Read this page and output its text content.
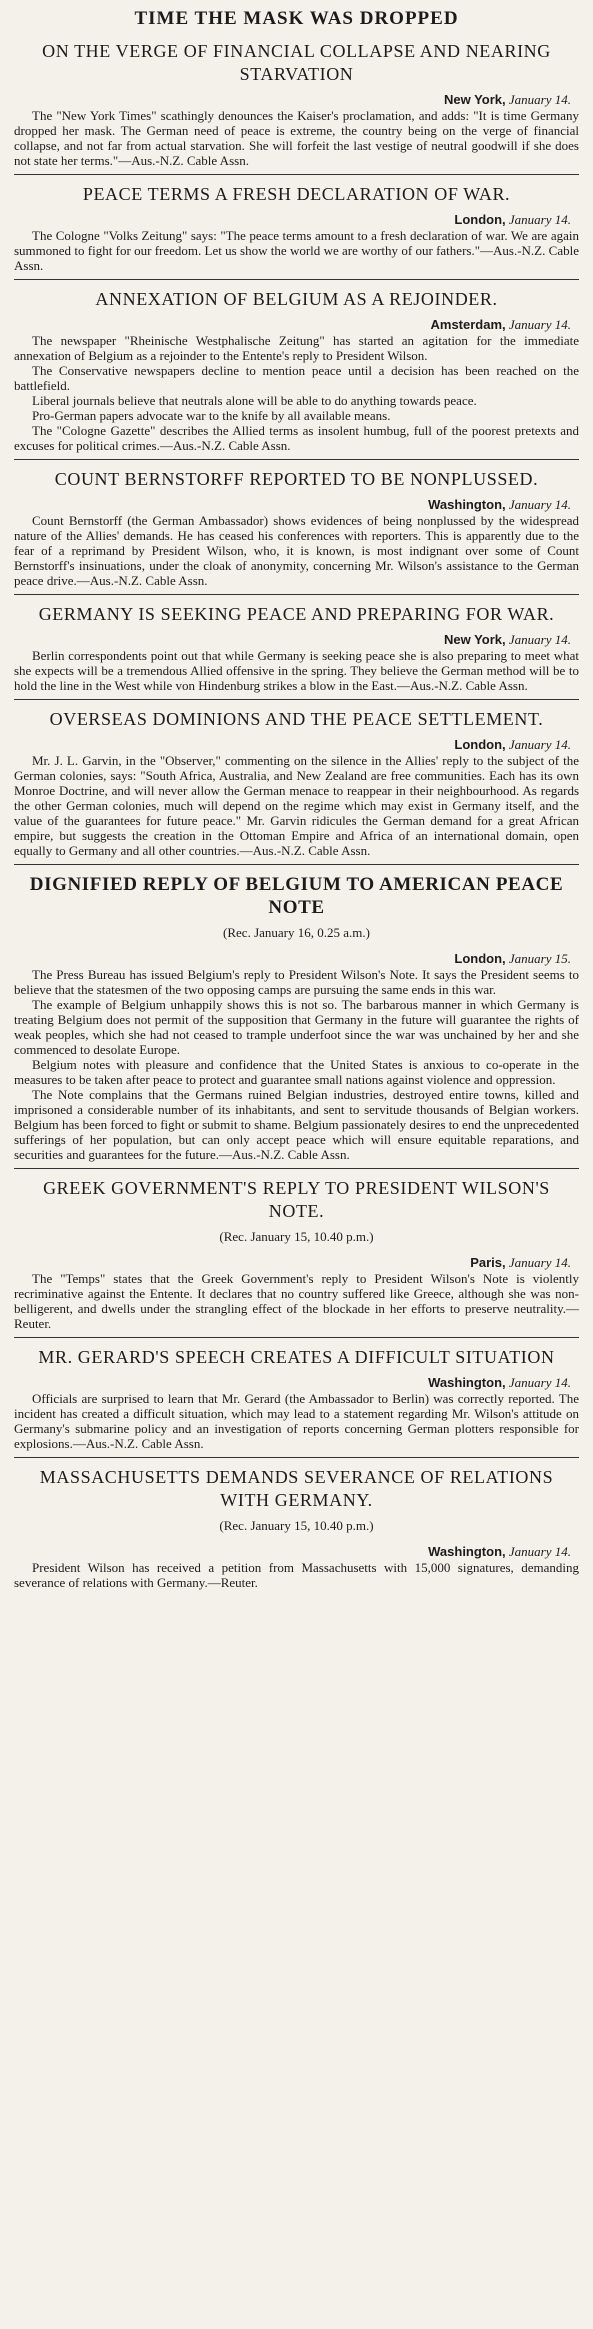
TIME THE MASK WAS DROPPED
ON THE VERGE OF FINANCIAL COLLAPSE AND NEARING STARVATION
New York, January 14.

The "New York Times" scathingly denounces the Kaiser's proclamation, and adds: "It is time Germany dropped her mask. The German need of peace is extreme, the country being on the verge of financial collapse, and not far from actual starvation. She will forfeit the last vestige of neutral goodwill if she does not state her terms."—Aus.-N.Z. Cable Assn.

PEACE TERMS A FRESH DECLARATION OF WAR.
London, January 14.

The Cologne "Volks Zeitung" says: "The peace terms amount to a fresh declaration of war. We are again summoned to fight for our freedom. Let us show the world we are worthy of our fathers."—Aus.-N.Z. Cable Assn.

ANNEXATION OF BELGIUM AS A REJOINDER.
Amsterdam, January 14.

The newspaper "Rheinische Westphalische Zeitung" has started an agitation for the immediate annexation of Belgium as a rejoinder to the Entente's reply to President Wilson.

The Conservative newspapers decline to mention peace until a decision has been reached on the battlefield.

Liberal journals believe that neutrals alone will be able to do anything towards peace.

Pro-German papers advocate war to the knife by all available means.

The "Cologne Gazette" describes the Allied terms as insolent humbug, full of the poorest pretexts and excuses for political crimes.—Aus.-N.Z. Cable Assn.

COUNT BERNSTORFF REPORTED TO BE NONPLUSSED.
Washington, January 14.

Count Bernstorff (the German Ambassador) shows evidences of being nonplussed by the widespread nature of the Allies' demands. He has ceased his conferences with reporters. This is apparently due to the fear of a reprimand by President Wilson, who, it is known, is most indignant over some of Count Bernstorff's insinuations, under the cloak of anonymity, concerning Mr. Wilson's assistance to the German peace drive.—Aus.-N.Z. Cable Assn.

GERMANY IS SEEKING PEACE AND PREPARING FOR WAR.
New York, January 14.

Berlin correspondents point out that while Germany is seeking peace she is also preparing to meet what she expects will be a tremendous Allied offensive in the spring. They believe the German method will be to hold the line in the West while von Hindenburg strikes a blow in the East.—Aus.-N.Z. Cable Assn.

OVERSEAS DOMINIONS AND THE PEACE SETTLEMENT.
London, January 14.

Mr. J. L. Garvin, in the "Observer," commenting on the silence in the Allies' reply to the subject of the German colonies, says: "South Africa, Australia, and New Zealand are free communities. Each has its own Monroe Doctrine, and will never allow the German menace to reappear in their neighbourhood. As regards the other German colonies, much will depend on the regime which may exist in Germany itself, and the value of the guarantees for future peace." Mr. Garvin ridicules the German demand for a great African empire, but suggests the creation in the Ottoman Empire and Africa of an international domain, open equally to Germany and all other countries.—Aus.-N.Z. Cable Assn.

DIGNIFIED REPLY OF BELGIUM TO AMERICAN PEACE NOTE
(Rec. January 16, 0.25 a.m.)
London, January 15.

The Press Bureau has issued Belgium's reply to President Wilson's Note. It says the President seems to believe that the statesmen of the two opposing camps are pursuing the same ends in this war.

The example of Belgium unhappily shows this is not so. The barbarous manner in which Germany is treating Belgium does not permit of the supposition that Germany in the future will guarantee the rights of weak peoples, which she had not ceased to trample underfoot since the war was unchained by her and she commenced to desolate Europe.

Belgium notes with pleasure and confidence that the United States is anxious to co-operate in the measures to be taken after peace to protect and guarantee small nations against violence and oppression.

The Note complains that the Germans ruined Belgian industries, destroyed entire towns, killed and imprisoned a considerable number of its inhabitants, and sent to servitude thousands of Belgian workers. Belgium has been forced to fight or submit to shame. Belgium passionately desires to end the unprecedented sufferings of her population, but can only accept peace which will ensure equitable reparations, and securities and guarantees for the future.—Aus.-N.Z. Cable Assn.

GREEK GOVERNMENT'S REPLY TO PRESIDENT WILSON'S NOTE.
(Rec. January 15, 10.40 p.m.)
Paris, January 14.

The "Temps" states that the Greek Government's reply to President Wilson's Note is violently recriminative against the Entente. It declares that no country suffered like Greece, although she was non-belligerent, and dwells under the strangling effect of the blockade in her efforts to preserve neutrality.—Reuter.

MR. GERARD'S SPEECH CREATES A DIFFICULT SITUATION
Washington, January 14.

Officials are surprised to learn that Mr. Gerard (the Ambassador to Berlin) was correctly reported. The incident has created a difficult situation, which may lead to a statement regarding Mr. Wilson's attitude on Germany's submarine policy and an investigation of reports concerning German plotters responsible for explosions.—Aus.-N.Z. Cable Assn.

MASSACHUSETTS DEMANDS SEVERANCE OF RELATIONS WITH GERMANY.
(Rec. January 15, 10.40 p.m.)
Washington, January 14.

President Wilson has received a petition from Massachusetts with 15,000 signatures, demanding severance of relations with Germany.—Reuter.
